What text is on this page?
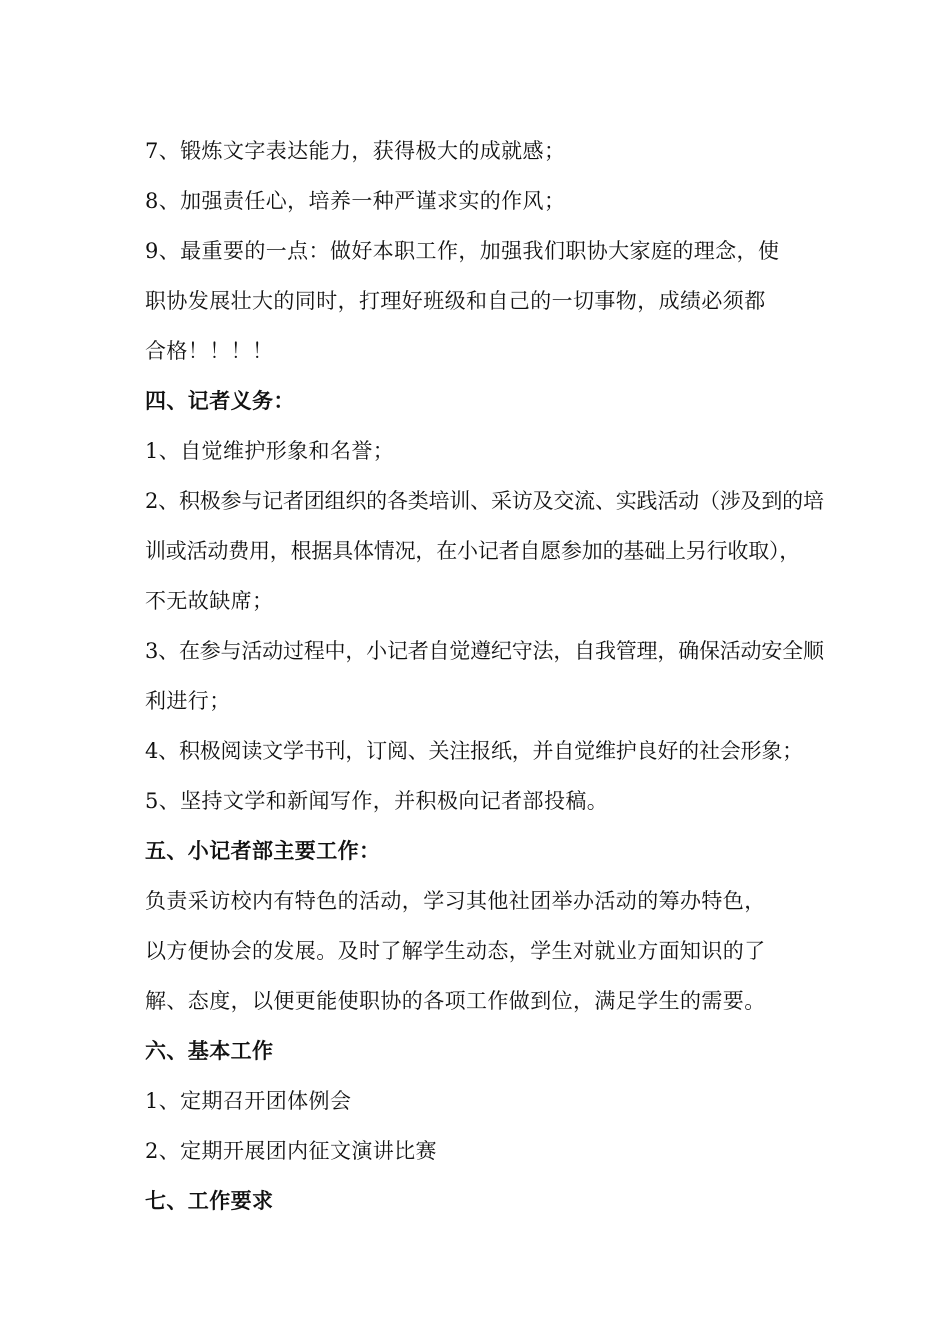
7、锻炼文字表达能力，获得极大的成就感；
8、加强责任心，培养一种严谨求实的作风；
9、最重要的一点：做好本职工作，加强我们职协大家庭的理念，使
职协发展壮大的同时，打理好班级和自己的一切事物，成绩必须都
合格！！！！
四、记者义务：
1、自觉维护形象和名誉；
2、积极参与记者团组织的各类培训、采访及交流、实践活动（涉及到的培
训或活动费用，根据具体情况，在小记者自愿参加的基础上另行收取），
不无故缺席；
3、在参与活动过程中，小记者自觉遵纪守法，自我管理，确保活动安全顺
利进行；
4、积极阅读文学书刊，订阅、关注报纸，并自觉维护良好的社会形象；
5、坚持文学和新闻写作，并积极向记者部投稿。
五、小记者部主要工作：
负责采访校内有特色的活动，学习其他社团举办活动的筹办特色，
以方便协会的发展。及时了解学生动态，学生对就业方面知识的了
解、态度，以便更能使职协的各项工作做到位，满足学生的需要。
六、基本工作
1、定期召开团体例会
2、定期开展团内征文演讲比赛
七、工作要求
